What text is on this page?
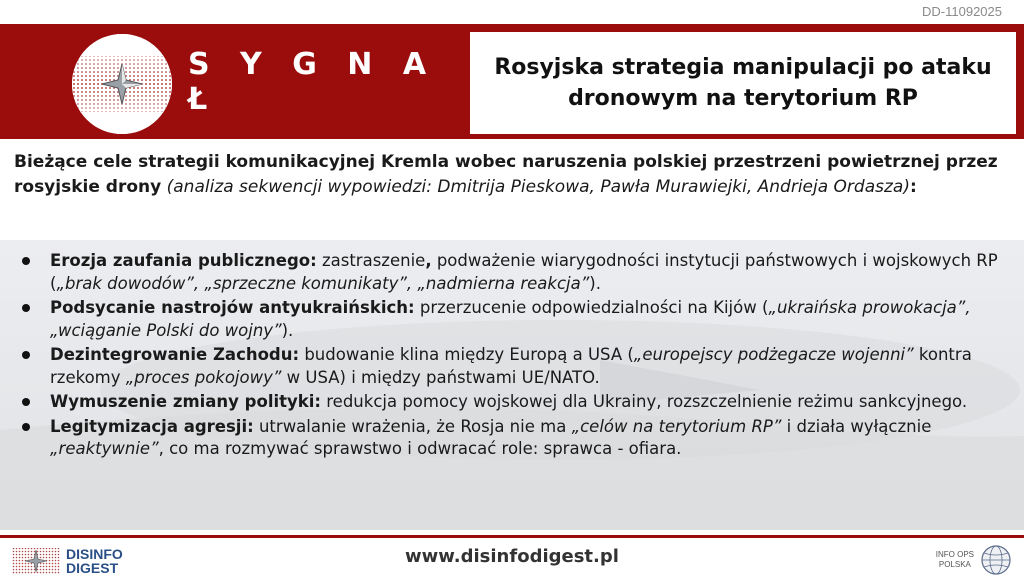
DD-11092025
S Y G N A Ł
Rosyjska strategia manipulacji po ataku
dronowym na terytorium RP
Bieżące cele strategii komunikacyjnej Kremla wobec naruszenia polskiej przestrzeni powietrznej przez rosyjskie drony (analiza sekwencji wypowiedzi: Dmitrija Pieskowa, Pawła Murawiejki, Andrieja Ordasza):
Erozja zaufania publicznego: zastraszenie, podważenie wiarygodności instytucji państwowych i wojskowych RP („brak dowodów”, „sprzeczne komunikaty”, „nadmierna reakcja”).
Podsycanie nastrojów antyukraińskich: przerzucenie odpowiedzialności na Kijów („ukraińska prowokacja”, „wciąganie Polski do wojny”).
Dezintegrowanie Zachodu: budowanie klina między Europą a USA („europejscy podżegacze wojenni” kontra rzekomy „proces pokojowy” w USA) i między państwami UE/NATO.
Wymuszenie zmiany polityki: redukcja pomocy wojskowej dla Ukrainy, rozszczelnienie reżimu sankcyjnego.
Legitymizacja agresji: utrwalanie wrażenia, że Rosja nie ma „celów na terytorium RP” i działa wyłącznie „reaktywnie”, co ma rozmywać sprawstwo i odwracać role: sprawca - ofiara.
DISINFO
DIGEST
www.disinfodigest.pl	INFO OPS
POLSKA
